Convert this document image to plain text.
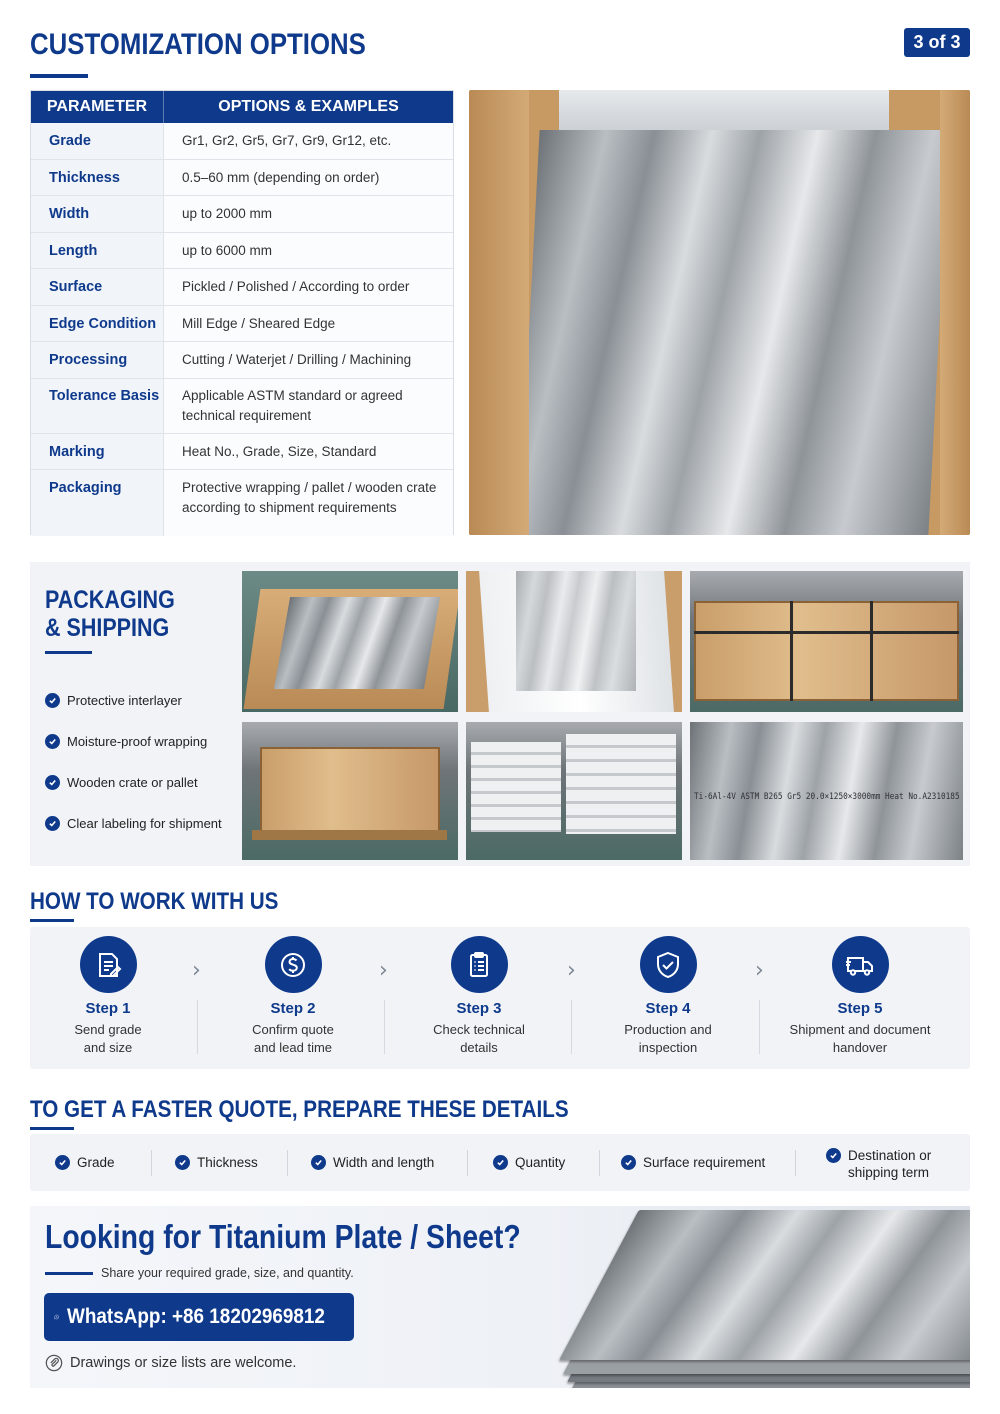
CUSTOMIZATION OPTIONS	3 of 3
PARAMETER	OPTIONS & EXAMPLES
Grade	Gr1, Gr2, Gr5, Gr7, Gr9, Gr12, etc.
Thickness	0.5–60 mm (depending on order)
Width	up to 2000 mm
Length	up to 6000 mm
Surface	Pickled / Polished / According to order
Edge Condition	Mill Edge / Sheared Edge
Processing	Cutting / Waterjet / Drilling / Machining
Tolerance Basis	Applicable ASTM standard or agreed technical requirement
Marking	Heat No., Grade, Size, Standard
Packaging	Protective wrapping / pallet / wooden crate according to shipment requirements
PACKAGING
& SHIPPING
Protective interlayer
Moisture-proof wrapping
Wooden crate or pallet
Clear labeling for shipment
Ti-6Al-4V ASTM B265 Gr5 20.0×1250×3000mm Heat No.A2310185
HOW TO WORK WITH US
Step 1
Send grade
and size
Step 2
Confirm quote
and lead time
Step 3
Check technical
details
Step 4
Production and
inspection
Step 5
Shipment and document
handover
›	›	›	›
TO GET A FASTER QUOTE, PREPARE THESE DETAILS
Grade	Thickness	Width and length	Quantity	Surface requirement	Destination or
shipping term
Looking for Titanium Plate / Sheet?
Share your required grade, size, and quantity.
WhatsApp: +86 18202969812
Drawings or size lists are welcome.
